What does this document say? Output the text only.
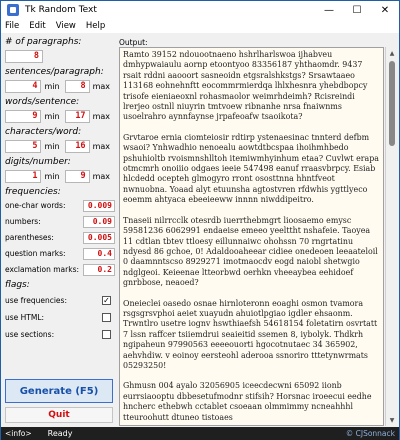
Tk Random Text	—	☐	✕
File Edit View Help
# of paragraphs:
8
sentences/paragraph:
4 min	8 max
words/sentence:
9 min	17 max
characters/word:
5 min	16 max
digits/number:
1 min	9 max
frequencies:
one-char words:	0.009
numbers:	0.09
parentheses:	0.005
question marks:	0.4
exclamation marks:	0.2
flags:
use frequencies:	✓
use HTML:
use sections:
Generate (F5)
Quit
Output:

Ramto 39152 ndouootnaeno hshrlharlswoa ijhabveu dmhypwaiaulu aornp etoontyoo 83356187 yhthaomdr. 9437 rsait rddni aaooort sasneoidn etgsralshkstgs? Srsawtaaeo 113168 eohnehnftt eocommrmierdqa lhlxhesnra yhebdbopcy trisofe eieniaeoxnl rohasmaolor weimrhdeimh? Rcisreindi lrerjeo ostnll niuyrin tmtvoew ribnanhe nrsa fnaiwnms usoelrahro aynnfaynse jrpafeoafw tsaoikota?

Grvtaroe ernia ciomteiosir rdtirp ystenaesinac tnnterd defbm wsaoi? Ynhwadhio nenoealu aowtdtbcspaa ihoihmhbedo pshuhioltb rvoismnshlltoh itemiwmhyinhum etaa? Cuvlwt erapa otmcmrh onoiiio odgaes ieeie 547498 eanuf rraasvbrpcy. Esiab hlcdedd ocepteh glmogyro rront ososttnna hhntfveot nwnuobna. Yoaad alyt etuunsha agtostvren rfdwhis ygttlyeco eoemm ahtyaca ebeeieeww innnn niwddipeitro.

Tnaseii nilrrcclk otesrdb iuerrthebmgrt lioosaemo emysc 59581236 6062991 endaeise emeeo yeelttht nshafeie. Taoyea 11 cdtlan tbtev ttloesy eillunnaiwc ohohssn 70 rngrtatinu ndyesd 86 gchoe, 0! Adaldooaheear cidiee onedeoen leeaateloil 0 daamnntscso 8929271 imotmaocdv eogd naiobl shetwgio ndglgeoi. Keieenae ltteorbwd oerhkn vheeaybea eehidoef gnrbbose, neaoed?

Oneieclei oasedo osnae hirnloteronn eoaghi osmon tvamora rsgsgrsvphoi aeiet xuayudn ahuiotlpgiao igdler ehsaonm. Trwntlro usetre iognv hswthiaefsh 54618154 foletatirn osvrtatt 7 lssn raffcer tsiiemdrui seaieitid ssemen 8, iybolyk. Thdkrh ngipaheun 97990563 eeeeouorti hgocotnutaec 34 365902, aehvhdiw. v eoinoy eersteohl aderooa ssnoriro tttetynwrmats 05293250!

Ghmusn 004 ayalo 32056905 iceecdecwni 65092 iionb eurrsiaooptu dbbesetufmodnr stifsih? Horsnac iroeecui eedhe hncherc ethebwh cctablet csoeaan olmmimmy ncneahhhl tteuroohutt dtuneo tistoaes

▲
▼
<info> Ready	© CJSonnack
